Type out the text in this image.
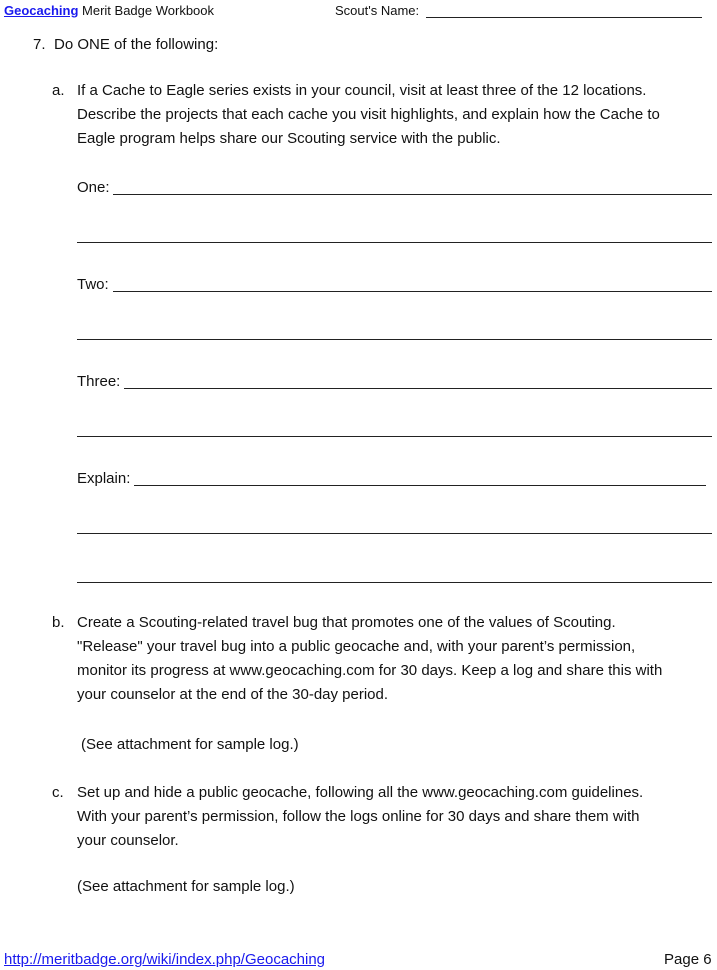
Geocaching Merit Badge Workbook	Scout's Name:
7. Do ONE of the following:
a. If a Cache to Eagle series exists in your council, visit at least three of the 12 locations.
Describe the projects that each cache you visit highlights, and explain how the Cache to
Eagle program helps share our Scouting service with the public.
One:
Two:
Three:
Explain:
b. Create a Scouting-related travel bug that promotes one of the values of Scouting.
"Release" your travel bug into a public geocache and, with your parent’s permission,
monitor its progress at www.geocaching.com for 30 days. Keep a log and share this with
your counselor at the end of the 30-day period.
(See attachment for sample log.)
c. Set up and hide a public geocache, following all the www.geocaching.com guidelines.
With your parent’s permission, follow the logs online for 30 days and share them with
your counselor.
(See attachment for sample log.)
http://meritbadge.org/wiki/index.php/Geocaching	Page 6
